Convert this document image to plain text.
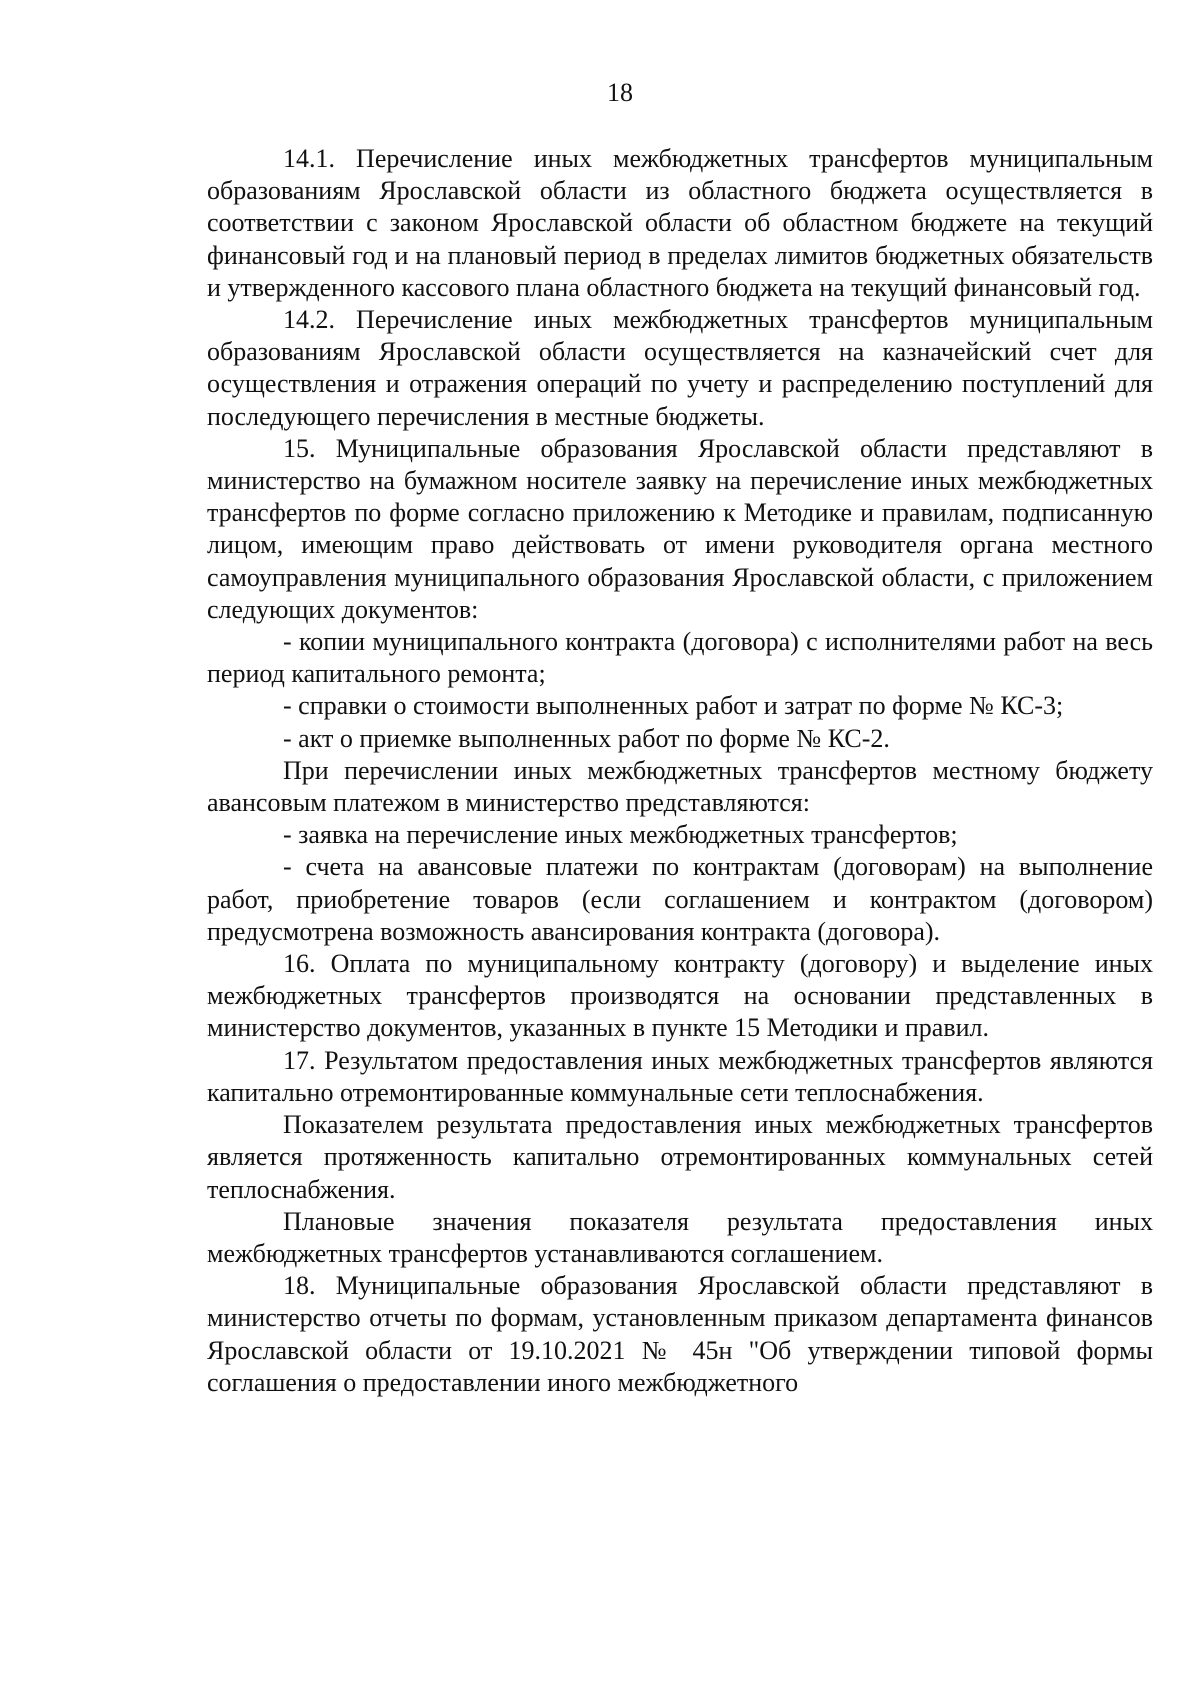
18

14.1. Перечисление иных межбюджетных трансфертов муниципальным образованиям Ярославской области из областного бюджета осуществляется в соответствии с законом Ярославской области об областном бюджете на текущий финансовый год и на плановый период в пределах лимитов бюджетных обязательств и утвержденного кассового плана областного бюджета на текущий финансовый год.

14.2. Перечисление иных межбюджетных трансфертов муниципальным образованиям Ярославской области осуществляется на казначейский счет для осуществления и отражения операций по учету и распределению поступлений для последующего перечисления в местные бюджеты.

15. Муниципальные образования Ярославской области представляют в министерство на бумажном носителе заявку на перечисление иных межбюджетных трансфертов по форме согласно приложению к Методике и правилам, подписанную лицом, имеющим право действовать от имени руководителя органа местного самоуправления муниципального образования Ярославской области, с приложением следующих документов:

- копии муниципального контракта (договора) с исполнителями работ на весь период капитального ремонта;

- справки о стоимости выполненных работ и затрат по форме № КС-3;

- акт о приемке выполненных работ по форме № КС-2.

При перечислении иных межбюджетных трансфертов местному бюджету авансовым платежом в министерство представляются:

- заявка на перечисление иных межбюджетных трансфертов;

- счета на авансовые платежи по контрактам (договорам) на выполнение работ, приобретение товаров (если соглашением и контрактом (договором) предусмотрена возможность авансирования контракта (договора).

16. Оплата по муниципальному контракту (договору) и выделение иных межбюджетных трансфертов производятся на основании представленных в министерство документов, указанных в пункте 15 Методики и правил.

17. Результатом предоставления иных межбюджетных трансфертов являются капитально отремонтированные коммунальные сети теплоснабжения.

Показателем результата предоставления иных межбюджетных трансфертов является протяженность капитально отремонтированных коммунальных сетей теплоснабжения.

Плановые значения показателя результата предоставления иных межбюджетных трансфертов устанавливаются соглашением.

18. Муниципальные образования Ярославской области представляют в министерство отчеты по формам, установленным приказом департамента финансов Ярославской области от 19.10.2021 № 45н "Об утверждении типовой формы соглашения о предоставлении иного межбюджетного
